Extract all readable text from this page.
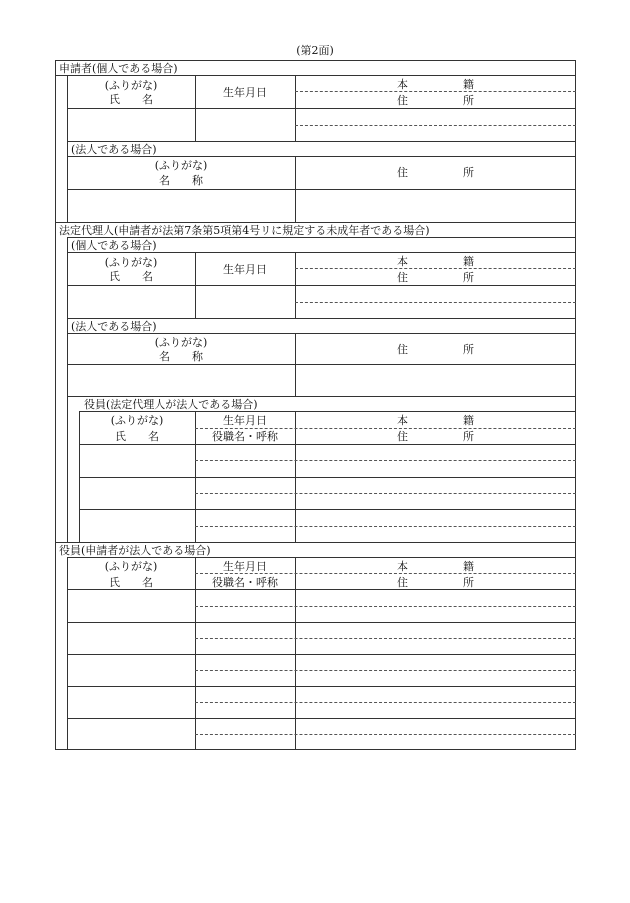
(第2面)
申請者(個人である場合)
(ふりがな)
氏　　名
生年月日
本　　　　　籍
住　　　　　所
(法人である場合)
(ふりがな)
名　　称
住　　　　　所
法定代理人(申請者が法第7条第5項第4号リに規定する未成年者である場合)
(個人である場合)
(ふりがな)
氏　　名
生年月日
本　　　　　籍
住　　　　　所
(法人である場合)
(ふりがな)
名　　称
住　　　　　所
役員(法定代理人が法人である場合)
(ふりがな)
氏　　名
生年月日
役職名・呼称
本　　　　　籍
住　　　　　所
役員(申請者が法人である場合)
(ふりがな)
氏　　名
生年月日
役職名・呼称
本　　　　　籍
住　　　　　所
